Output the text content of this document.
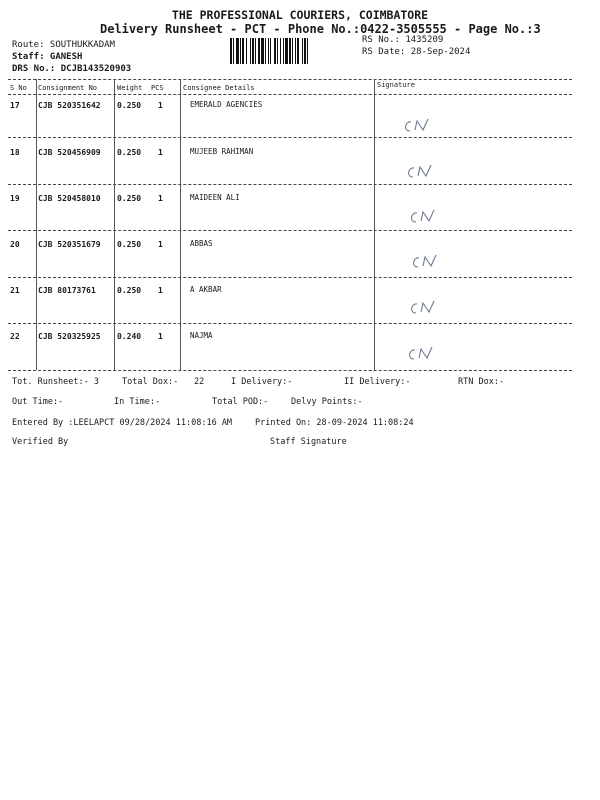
THE PROFESSIONAL COURIERS, COIMBATORE
Delivery Runsheet - PCT - Phone No.:0422-3505555 - Page No.:3
Route: SOUTHUKKADAM
Staff: GANESH
DRS No.: DCJB143520903
RS No.: 1435209
RS Date: 28-Sep-2024
S No Consignment No	Weight PCS	Consignee Details	Signature
17 CJB 520351642 0.250 1	EMERALD AGENCIES
18 CJB 520456909 0.250 1	MUJEEB RAHIMAN
19 CJB 520458010 0.250 1	MAIDEEN ALI
20 CJB 520351679 0.250 1	ABBAS
21 CJB 80173761	0.250 1	A AKBAR
22 CJB 520325925 0.240 1	NAJMA
Tot. Runsheet:- 3	Total Dox:- 22	I Delivery:-	II Delivery:-	RTN Dox:-
Out Time:-	In Time:-	Total POD:-	Delvy Points:-
Entered By :LEELAPCT 09/28/2024 11:08:16 AM	Printed On: 28-09-2024 11:08:24
Verified By	Staff Signature
